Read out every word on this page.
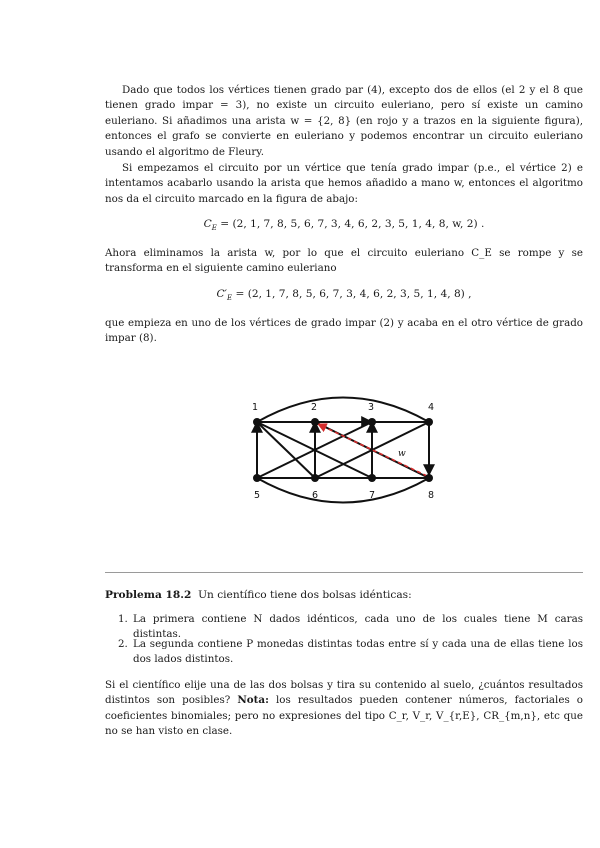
Dado que todos los vértices tienen grado par (4), excepto dos de ellos (el 2 y el 8 que tienen grado impar = 3), no existe un circuito euleriano, pero sí existe un camino euleriano. Si añadimos una arista w = {2, 8} (en rojo y a trazos en la siguiente figura), entonces el grafo se convierte en euleriano y podemos encontrar un circuito euleriano usando el algoritmo de Fleury.

Si empezamos el circuito por un vértice que tenía grado impar (p.e., el vértice 2) e intentamos acabarlo usando la arista que hemos añadido a mano w, entonces el algoritmo nos da el circuito marcado en la figura de abajo:

$C_E = (2$, 1, 7, 8, 5, 6, 7, 3, 4, 6, 2, 3, 5, 1, 4, 8, w, 2) .

Ahora eliminamos la arista w, por lo que el circuito euleriano C_E se rompe y se transforma en el siguiente camino euleriano

$C'_E = (2$, 1, 7, 8, 5, 6, 7, 3, 4, 6, 2, 3, 5, 1, 4, 8) ,

que empieza en uno de los vértices de grado impar (2) y acaba en el otro vértice de grado impar (8).

w
1	2	3	4
5	6	7	8
Problema 18.2 Un científico tiene dos bolsas idénticas:
1. La primera contiene N dados idénticos, cada uno de los cuales tiene M caras distintas.
2. La segunda contiene P monedas distintas todas entre sí y cada una de ellas tiene los dos lados distintos.

Si el científico elije una de las dos bolsas y tira su contenido al suelo, ¿cuántos resultados distintos son posibles? Nota: los resultados pueden contener números, factoriales o coeficientes binomiales; pero no expresiones del tipo C_r, V_r, V_{r,E}, CR_{m,n}, etc que no se han visto en clase.
